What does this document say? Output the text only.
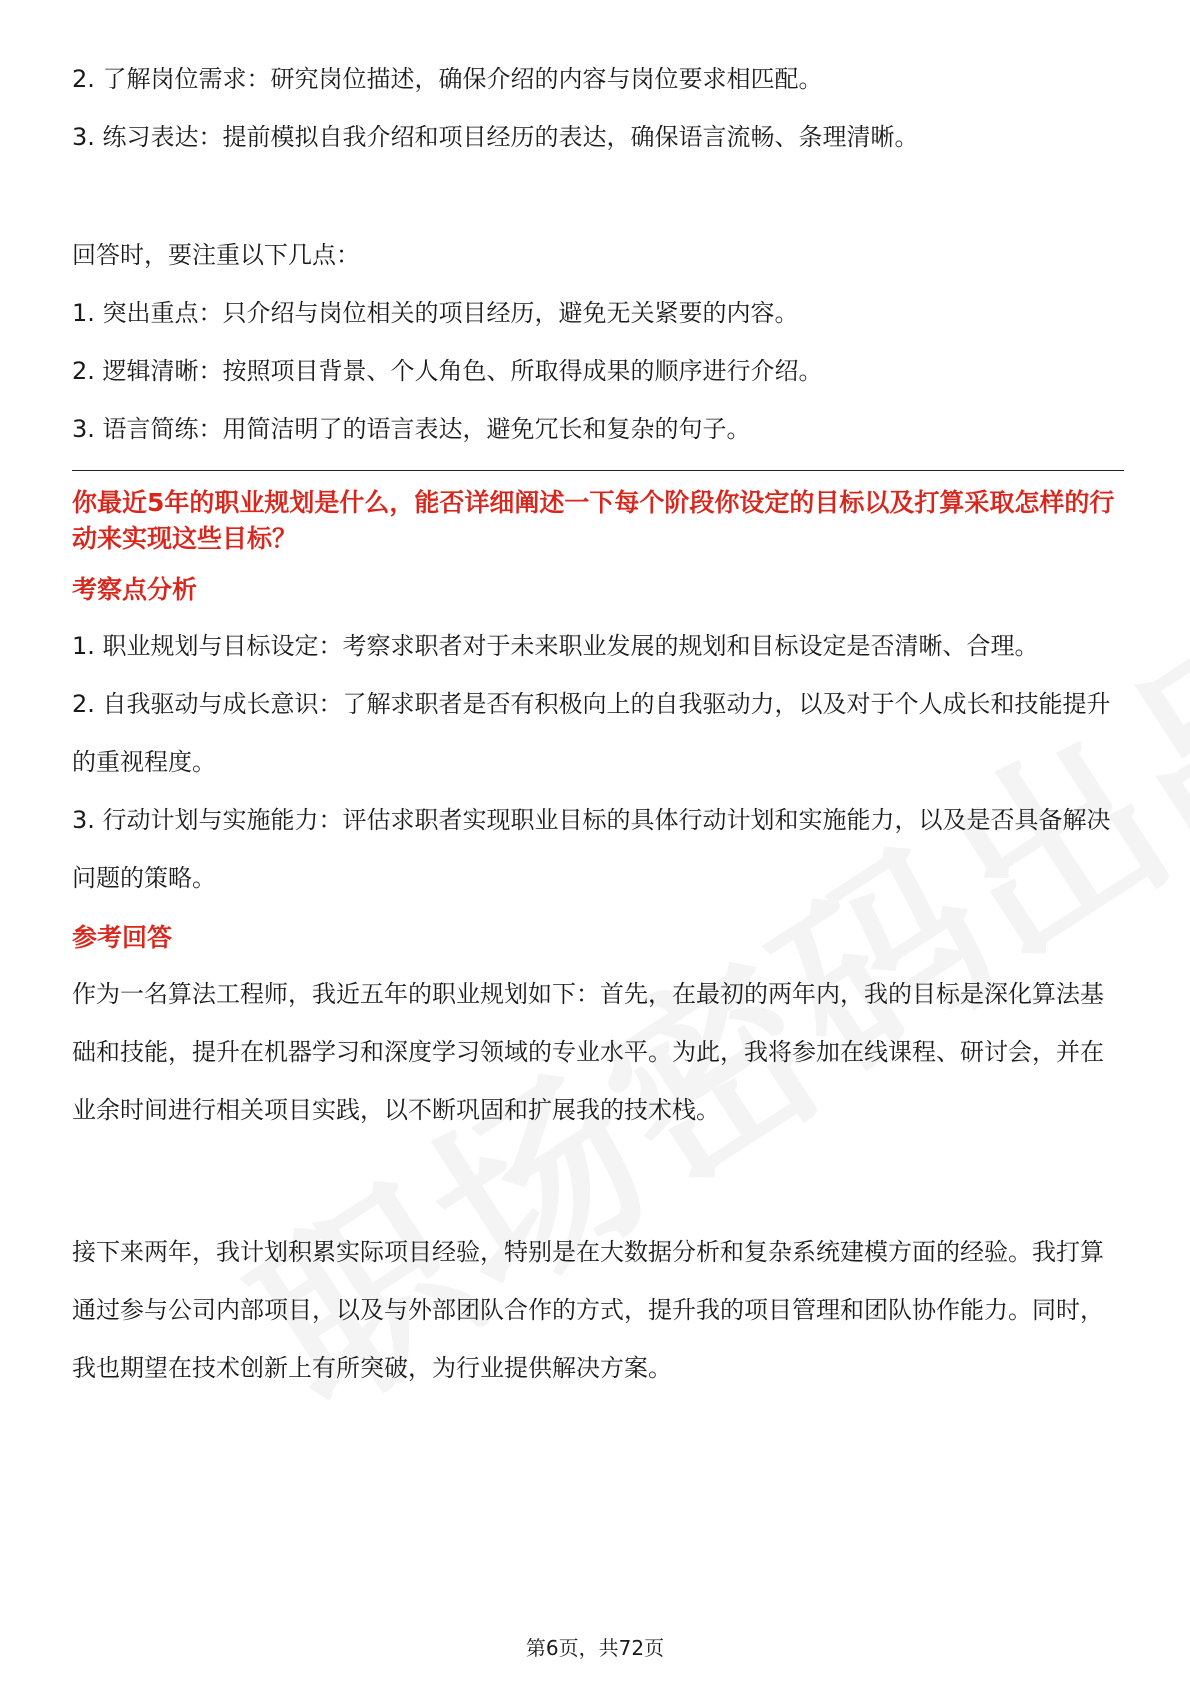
2. 了解岗位需求：研究岗位描述，确保介绍的内容与岗位要求相匹配。

3. 练习表达：提前模拟自我介绍和项目经历的表达，确保语言流畅、条理清晰。

回答时，要注重以下几点：

1. 突出重点：只介绍与岗位相关的项目经历，避免无关紧要的内容。

2. 逻辑清晰：按照项目背景、个人角色、所取得成果的顺序进行介绍。

3. 语言简练：用简洁明了的语言表达，避免冗长和复杂的句子。

你最近5年的职业规划是什么，能否详细阐述一下每个阶段你设定的目标以及打算采取怎样的行动来实现这些目标？

考察点分析

1. 职业规划与目标设定：考察求职者对于未来职业发展的规划和目标设定是否清晰、合理。

2. 自我驱动与成长意识：了解求职者是否有积极向上的自我驱动力，以及对于个人成长和技能提升的重视程度。

3. 行动计划与实施能力：评估求职者实现职业目标的具体行动计划和实施能力，以及是否具备解决问题的策略。

参考回答

作为一名算法工程师，我近五年的职业规划如下：首先，在最初的两年内，我的目标是深化算法基础和技能，提升在机器学习和深度学习领域的专业水平。为此，我将参加在线课程、研讨会，并在业余时间进行相关项目实践，以不断巩固和扩展我的技术栈。

接下来两年，我计划积累实际项目经验，特别是在大数据分析和复杂系统建模方面的经验。我打算通过参与公司内部项目，以及与外部团队合作的方式，提升我的项目管理和团队协作能力。同时，我也期望在技术创新上有所突破，为行业提供解决方案。

第6页，共72页
